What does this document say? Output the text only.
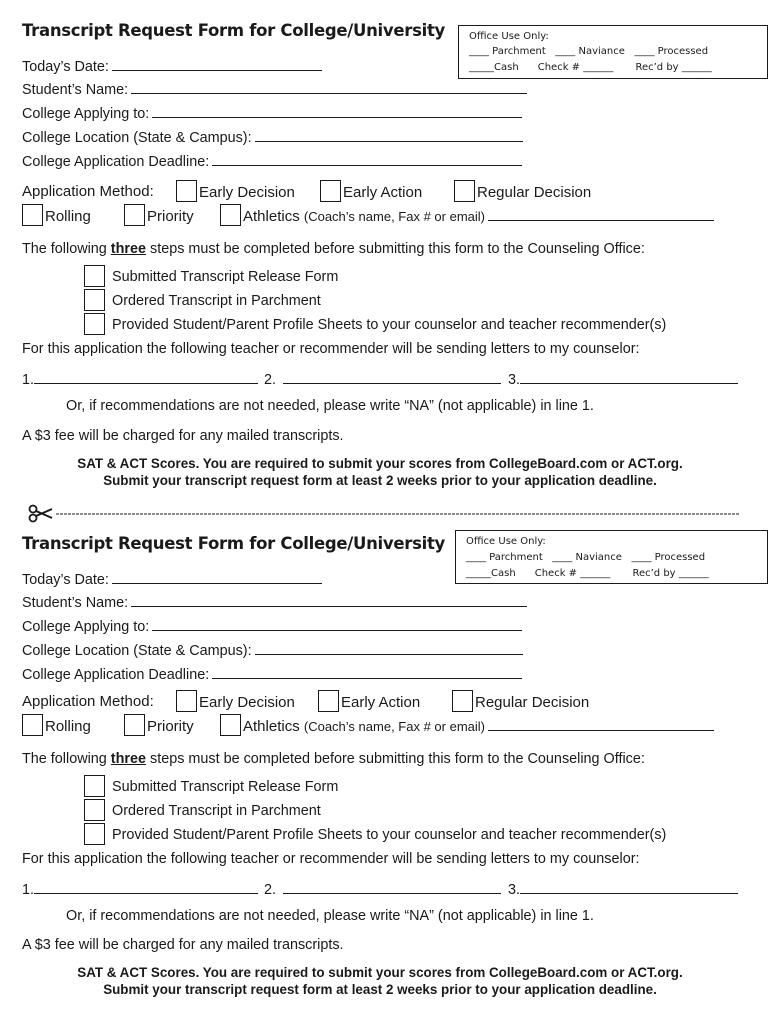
Transcript Request Form for College/University Office Use Only:
____ Parchment   ____ Naviance   ____ Processed
_____Cash      Check # ______       Rec’d by ______
Today’s Date:
Student’s Name:
College Applying to:
College Location (State & Campus):
College Application Deadline:
Application Method:	Early Decision	Early Action	Regular Decision
Rolling	Priority	Athletics (Coach’s name, Fax # or email)
The following three steps must be completed before submitting this form to the Counseling Office:
Submitted Transcript Release Form
Ordered Transcript in Parchment
Provided Student/Parent Profile Sheets to your counselor and teacher recommender(s)
For this application the following teacher or recommender will be sending letters to my counselor:
1.	2.	3.
Or, if recommendations are not needed, please write “NA” (not applicable) in line 1.
A $3 fee will be charged for any mailed transcripts.
SAT & ACT Scores. You are required to submit your scores from CollegeBoard.com or ACT.org.
Submit your transcript request form at least 2 weeks prior to your application deadline.
Transcript Request Form for College/University Office Use Only:
____ Parchment   ____ Naviance   ____ Processed
_____Cash      Check # ______       Rec’d by ______
Today’s Date:
Student’s Name:
College Applying to:
College Location (State & Campus):
College Application Deadline:
Application Method:	Early Decision	Early Action	Regular Decision
Rolling	Priority	Athletics (Coach’s name, Fax # or email)
The following three steps must be completed before submitting this form to the Counseling Office:
Submitted Transcript Release Form
Ordered Transcript in Parchment
Provided Student/Parent Profile Sheets to your counselor and teacher recommender(s)
For this application the following teacher or recommender will be sending letters to my counselor:
1.	2.	3.
Or, if recommendations are not needed, please write “NA” (not applicable) in line 1.
A $3 fee will be charged for any mailed transcripts.
SAT & ACT Scores. You are required to submit your scores from CollegeBoard.com or ACT.org.
Submit your transcript request form at least 2 weeks prior to your application deadline.
